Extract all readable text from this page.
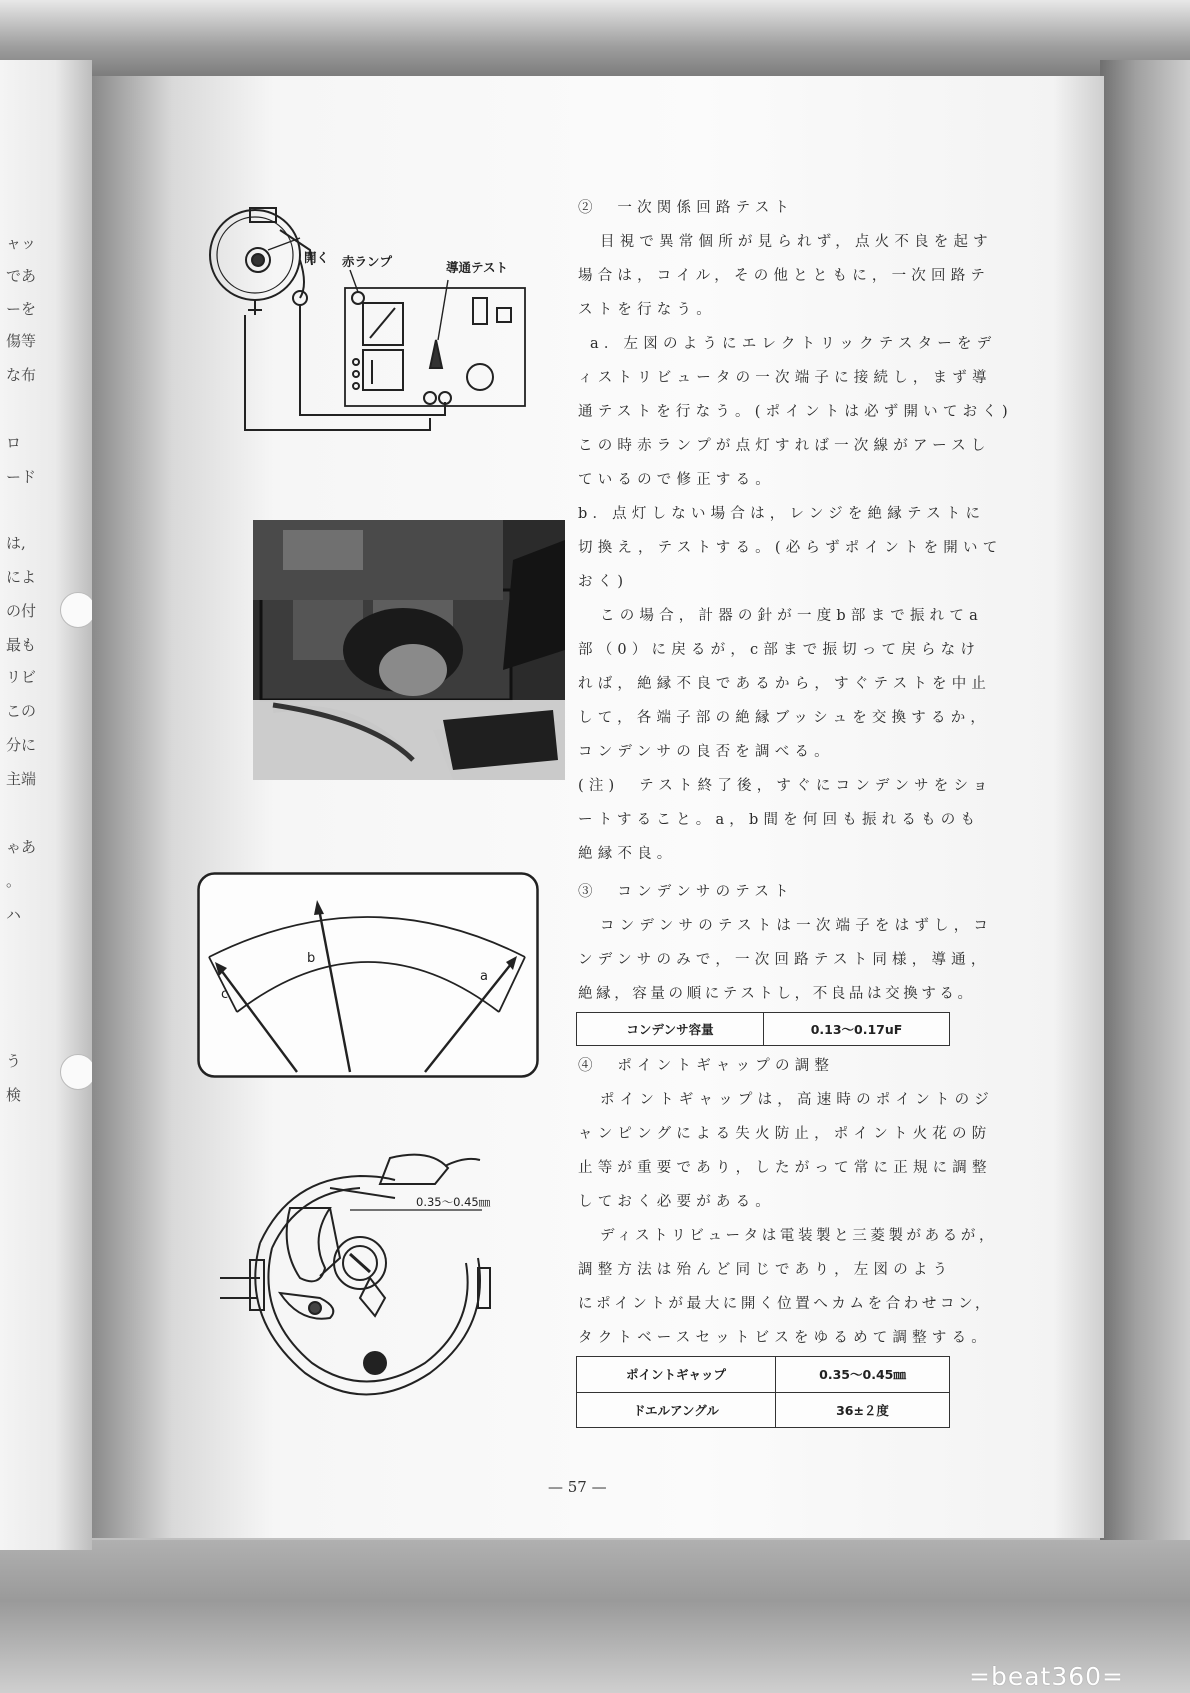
ャッ
であ
ーを
傷等
な布
ロ
ード
は,
によ
の付
最も
リビ
この
分に
主端
ゃあ
。
ハ
う
検
開く 赤ランプ	導通テスト
b
a
c
0.35〜0.45㎜
②　一次関係回路テスト
目視で異常個所が見られず，点火不良を起す
場合は，コイル，その他とともに，一次回路テ
ストを行なう。
a．左図のようにエレクトリックテスターをデ
ィストリビュータの一次端子に接続し，まず導
通テストを行なう。(ポイントは必ず開いておく)
この時赤ランプが点灯すれば一次線がアースし
ているので修正する。
b．点灯しない場合は，レンジを絶縁テストに
切換え，テストする。(必らずポイントを開いて
おく)
この場合，計器の針が一度b部まで振れてa
部（0）に戻るが，c部まで振切って戻らなけ
れば，絶縁不良であるから，すぐテストを中止
して，各端子部の絶縁ブッシュを交換するか，
コンデンサの良否を調べる。
(注)　テスト終了後，すぐにコンデンサをショ
ートすること。a，b間を何回も振れるものも
絶縁不良。
③　コンデンサのテスト
コンデンサのテストは一次端子をはずし，コ
ンデンサのみで，一次回路テスト同様，導通，
絶縁，容量の順にテストし，不良品は交換する。
④　ポイントギャップの調整
ポイントギャップは，高速時のポイントのジ
ャンピングによる失火防止，ポイント火花の防
止等が重要であり，したがって常に正規に調整
しておく必要がある。
ディストリビュータは電装製と三菱製があるが，
調整方法は殆んど同じであり，左図のよう
にポイントが最大に開く位置へカムを合わせコン，
タクトベースセットビスをゆるめて調整する。
コンデンサ容量	0.13〜0.17uF
ポイントギャップ	0.35〜0.45㎜
ドエルアングル	36±２度
— 57 —
=beat360=
